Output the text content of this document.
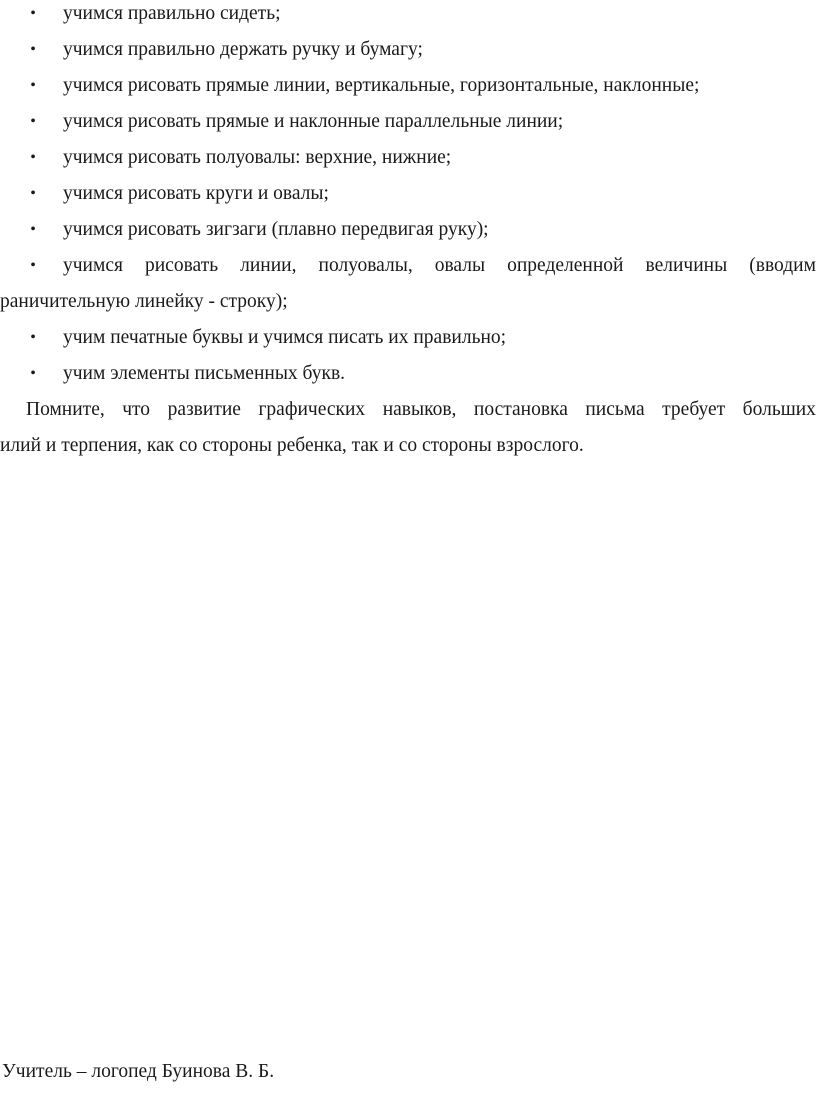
• учимся правильно сидеть;
• учимся правильно держать ручку и бумагу;
• учимся рисовать прямые линии, вертикальные, горизонтальные, наклонные;
• учимся рисовать прямые и наклонные параллельные линии;
• учимся рисовать полуовалы: верхние, нижние;
• учимся рисовать круги и овалы;
• учимся рисовать зигзаги (плавно передвигая руку);
• учимся рисовать линии, полуовалы, овалы определенной величины (вводим
раничительную линейку - строку);
• учим печатные буквы и учимся писать их правильно;
• учим элементы письменных букв.
Помните, что развитие графических навыков, постановка письма требует больших
илий и терпения, как со стороны ребенка, так и со стороны взрослого.
Учитель – логопед Буинова В. Б.
